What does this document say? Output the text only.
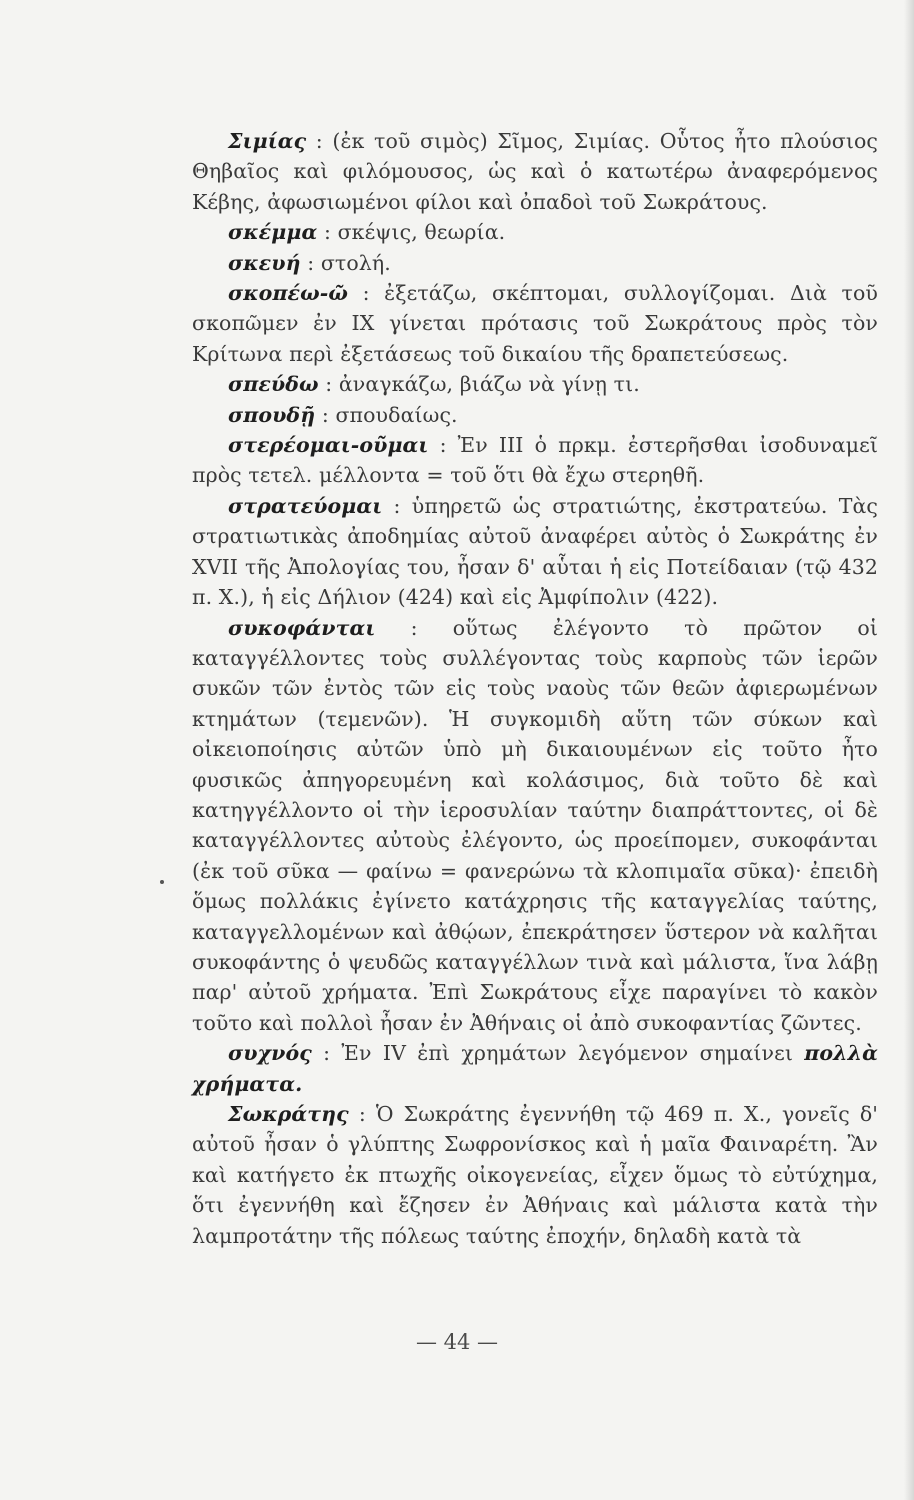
Σιμίας : (ἐκ τοῦ σιμὸς) Σῖμος, Σιμίας. Οὗτος ἦτο πλούσιος Θηβαῖος καὶ φιλόμουσος, ὡς καὶ ὁ κατωτέρω ἀναφερόμενος Κέβης, ἀφωσιωμένοι φίλοι καὶ ὀπαδοὶ τοῦ Σωκράτους.

σκέμμα : σκέψις, θεωρία.

σκευή : στολή.

σκοπέω-ῶ : ἐξετάζω, σκέπτομαι, συλλογίζομαι. Διὰ τοῦ σκοπῶμεν ἐν IX γίνεται πρότασις τοῦ Σωκράτους πρὸς τὸν Κρίτωνα περὶ ἐξετάσεως τοῦ δικαίου τῆς δραπετεύσεως.

σπεύδω : ἀναγκάζω, βιάζω νὰ γίνῃ τι.

σπουδῇ : σπουδαίως.

στερέομαι-οῦμαι : Ἐν III ὁ πρκμ. ἐστερῆσθαι ἰσοδυναμεῖ πρὸς τετελ. μέλλοντα = τοῦ ὅτι θὰ ἔχω στερηθῆ.

στρατεύομαι : ὑπηρετῶ ὡς στρατιώτης, ἐκστρατεύω. Τὰς στρατιωτικὰς ἀποδημίας αὐτοῦ ἀναφέρει αὐτὸς ὁ Σωκράτης ἐν XVII τῆς Ἀπολογίας του, ἦσαν δ' αὗται ἡ εἰς Ποτείδαιαν (τῷ 432 π. X.), ἡ εἰς Δήλιον (424) καὶ εἰς Ἀμφίπολιν (422).

συκοφάνται : οὕτως ἐλέγοντο τὸ πρῶτον οἱ καταγγέλλοντες τοὺς συλλέγοντας τοὺς καρποὺς τῶν ἱερῶν συκῶν τῶν ἐντὸς τῶν εἰς τοὺς ναοὺς τῶν θεῶν ἀφιερωμένων κτημάτων (τεμενῶν). Ἡ συγκομιδὴ αὕτη τῶν σύκων καὶ οἰκειοποίησις αὐτῶν ὑπὸ μὴ δικαιουμένων εἰς τοῦτο ἦτο φυσικῶς ἀπηγορευμένη καὶ κολάσιμος, διὰ τοῦτο δὲ καὶ κατηγγέλλοντο οἱ τὴν ἱεροσυλίαν ταύτην διαπράττοντες, οἱ δὲ καταγγέλλοντες αὐτοὺς ἐλέγοντο, ὡς προείπομεν, συκοφάνται (ἐκ τοῦ σῦκα — φαίνω = φανερώνω τὰ κλοπιμαῖα σῦκα)· ἐπειδὴ ὅμως πολλάκις ἐγίνετο κατάχρησις τῆς καταγγελίας ταύτης, καταγγελλομένων καὶ ἀθῴων, ἐπεκράτησεν ὕστερον νὰ καλῆται συκοφάντης ὁ ψευδῶς καταγγέλλων τινὰ καὶ μάλιστα, ἵνα λάβῃ παρ' αὐτοῦ χρήματα. Ἐπὶ Σωκράτους εἶχε παραγίνει τὸ κακὸν τοῦτο καὶ πολλοὶ ἦσαν ἐν Ἀθήναις οἱ ἀπὸ συκοφαντίας ζῶντες.

συχνός : Ἐν IV ἐπὶ χρημάτων λεγόμενον σημαίνει πολλὰ χρήματα.

Σωκράτης : Ὁ Σωκράτης ἐγεννήθη τῷ 469 π. X., γονεῖς δ' αὐτοῦ ἦσαν ὁ γλύπτης Σωφρονίσκος καὶ ἡ μαῖα Φαιναρέτη. Ἂν καὶ κατήγετο ἐκ πτωχῆς οἰκογενείας, εἶχεν ὅμως τὸ εὐτύχημα, ὅτι ἐγεννήθη καὶ ἔζησεν ἐν Ἀθήναις καὶ μάλιστα κατὰ τὴν λαμπροτάτην τῆς πόλεως ταύτης ἐποχήν, δηλαδὴ κατὰ τὰ

— 44 —
